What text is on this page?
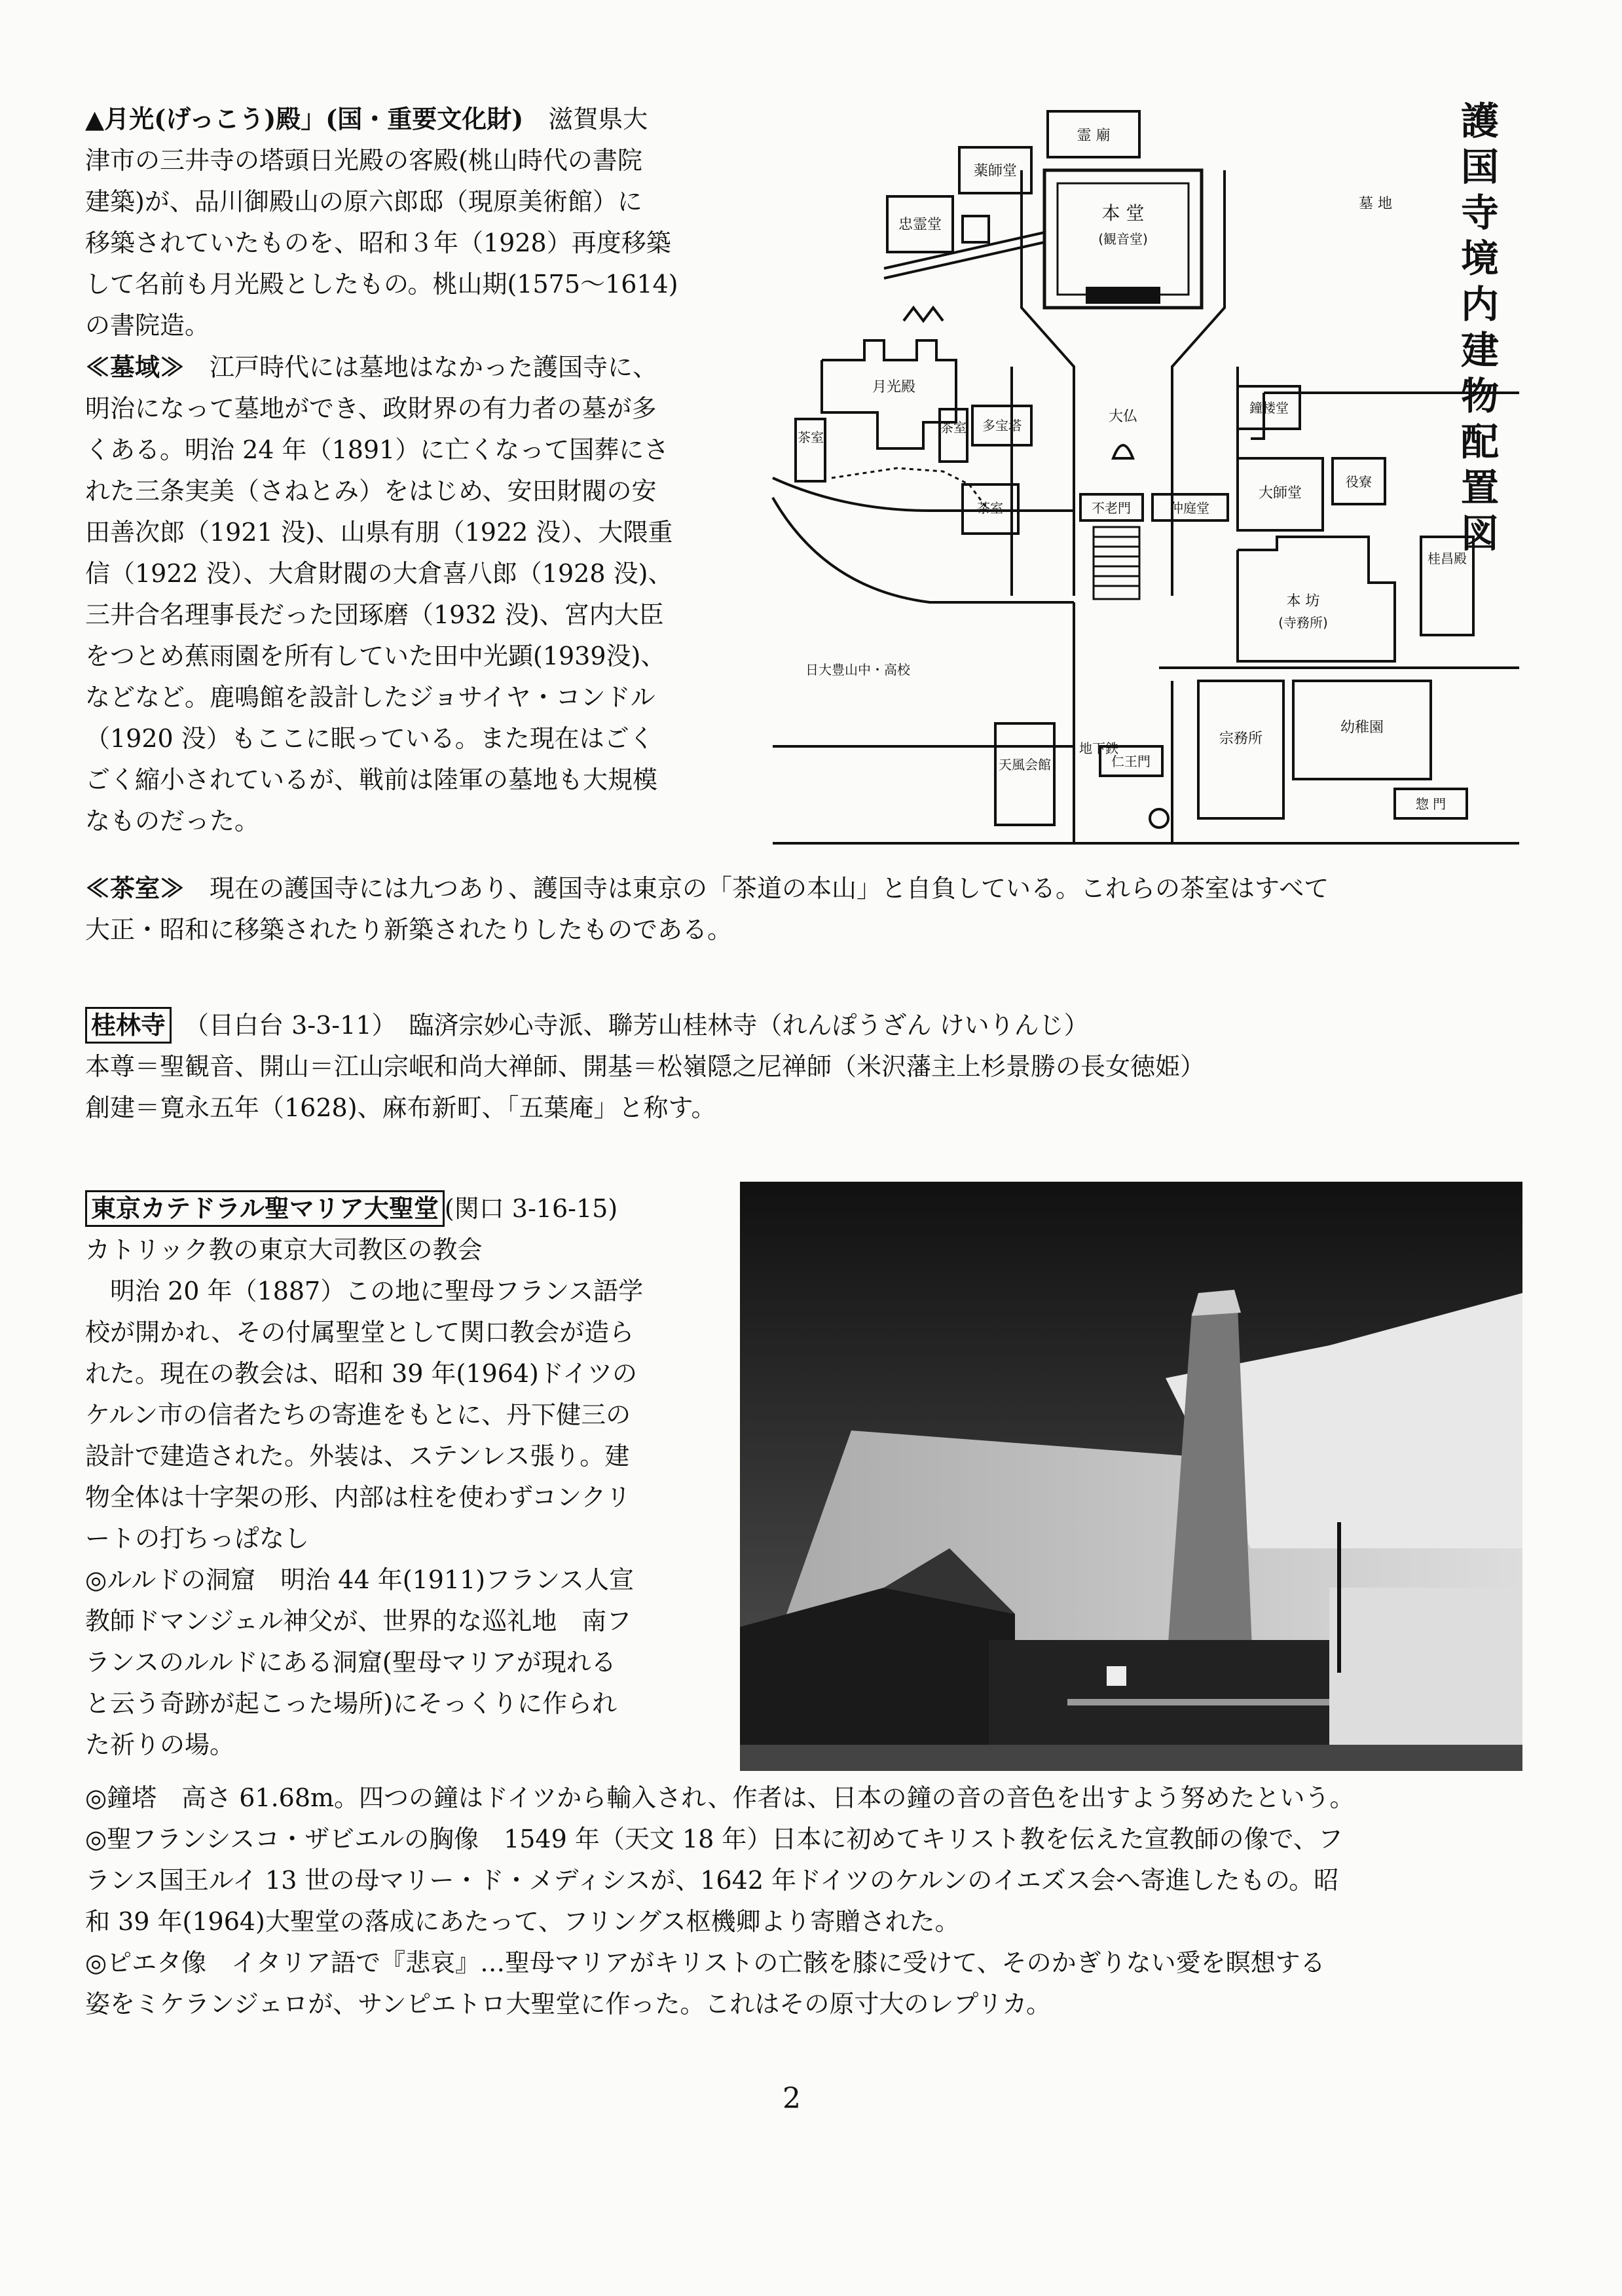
▲月光(げっこう)殿」(国・重要文化財)　 滋賀県大

津市の三井寺の塔頭日光殿の客殿(桃山時代の書院

建築)が、品川御殿山の原六郎邸（現原美術館）に

移築されていたものを、昭和３年（1928）再度移築

して名前も月光殿としたもの。桃山期(1575〜1614)

の書院造。

≪墓域≫　 江戸時代には墓地はなかった護国寺に、

明治になって墓地ができ、政財界の有力者の墓が多

くある。明治 24 年（1891）に亡くなって国葬にさ

れた三条実美（さねとみ）をはじめ、安田財閥の安

田善次郎（1921 没)、山県有朋（1922 没）、大隈重

信（1922 没）、大倉財閥の大倉喜八郎（1928 没)、

三井合名理事長だった団琢磨（1932 没)、宮内大臣

をつとめ蕉雨園を所有していた田中光顕(1939没)、

などなど。鹿鳴館を設計したジョサイヤ・コンドル

（1920 没）もここに眠っている。また現在はごく

ごく縮小されているが、戦前は陸軍の墓地も大規模

なものだった。

霊 廟
薬師堂
忠霊堂
本 堂
(観音堂)
墓 地
月光殿
茶室
茶室 多宝塔
大仏
鐘楼堂
大師堂
役寮
茶室	不老門	仲庭堂
本 坊
(寺務所)
桂昌殿
日大豊山中・高校
宗務所
幼稚園
天風会館
地下鉄
仁王門
惣 門
護国寺境内建物配置図

≪茶室≫　 現在の護国寺には九つあり、護国寺は東京の「茶道の本山」と自負している。これらの茶室はすべて

大正・昭和に移築されたり新築されたりしたものである。

桂林寺　 （目白台 3-3-11）　臨済宗妙心寺派、聯芳山桂林寺（れんぽうざん けいりんじ）

本尊＝聖観音、開山＝江山宗岷和尚大禅師、開基＝松嶺隠之尼禅師（米沢藩主上杉景勝の長女徳姫）

創建＝寛永五年（1628)、麻布新町、「五葉庵」と称す。

東京カテドラル聖マリア大聖堂 (関口 3-16-15)

カトリック教の東京大司教区の教会

明治 20 年（1887）この地に聖母フランス語学

校が開かれ、その付属聖堂として関口教会が造ら

れた。現在の教会は、昭和 39 年(1964)ドイツの

ケルン市の信者たちの寄進をもとに、丹下健三の

設計で建造された。外装は、ステンレス張り。建

物全体は十字架の形、内部は柱を使わずコンクリ

ートの打ちっぱなし

◎ルルドの洞窟　明治 44 年(1911)フランス人宣

教師ドマンジェル神父が、世界的な巡礼地　南フ

ランスのルルドにある洞窟(聖母マリアが現れる

と云う奇跡が起こった場所)にそっくりに作られ

た祈りの場。

◎鐘塔　高さ 61.68m。四つの鐘はドイツから輸入され、作者は、日本の鐘の音の音色を出すよう努めたという。

◎聖フランシスコ・ザビエルの胸像　1549 年（天文 18 年）日本に初めてキリスト教を伝えた宣教師の像で、フ

ランス国王ルイ 13 世の母マリー・ド・メディシスが、1642 年ドイツのケルンのイエズス会へ寄進したもの。昭

和 39 年(1964)大聖堂の落成にあたって、フリングス枢機卿より寄贈された。

◎ピエタ像　イタリア語で『悲哀』…聖母マリアがキリストの亡骸を膝に受けて、そのかぎりない愛を瞑想する

姿をミケランジェロが、サンピエトロ大聖堂に作った。これはその原寸大のレプリカ。

2
